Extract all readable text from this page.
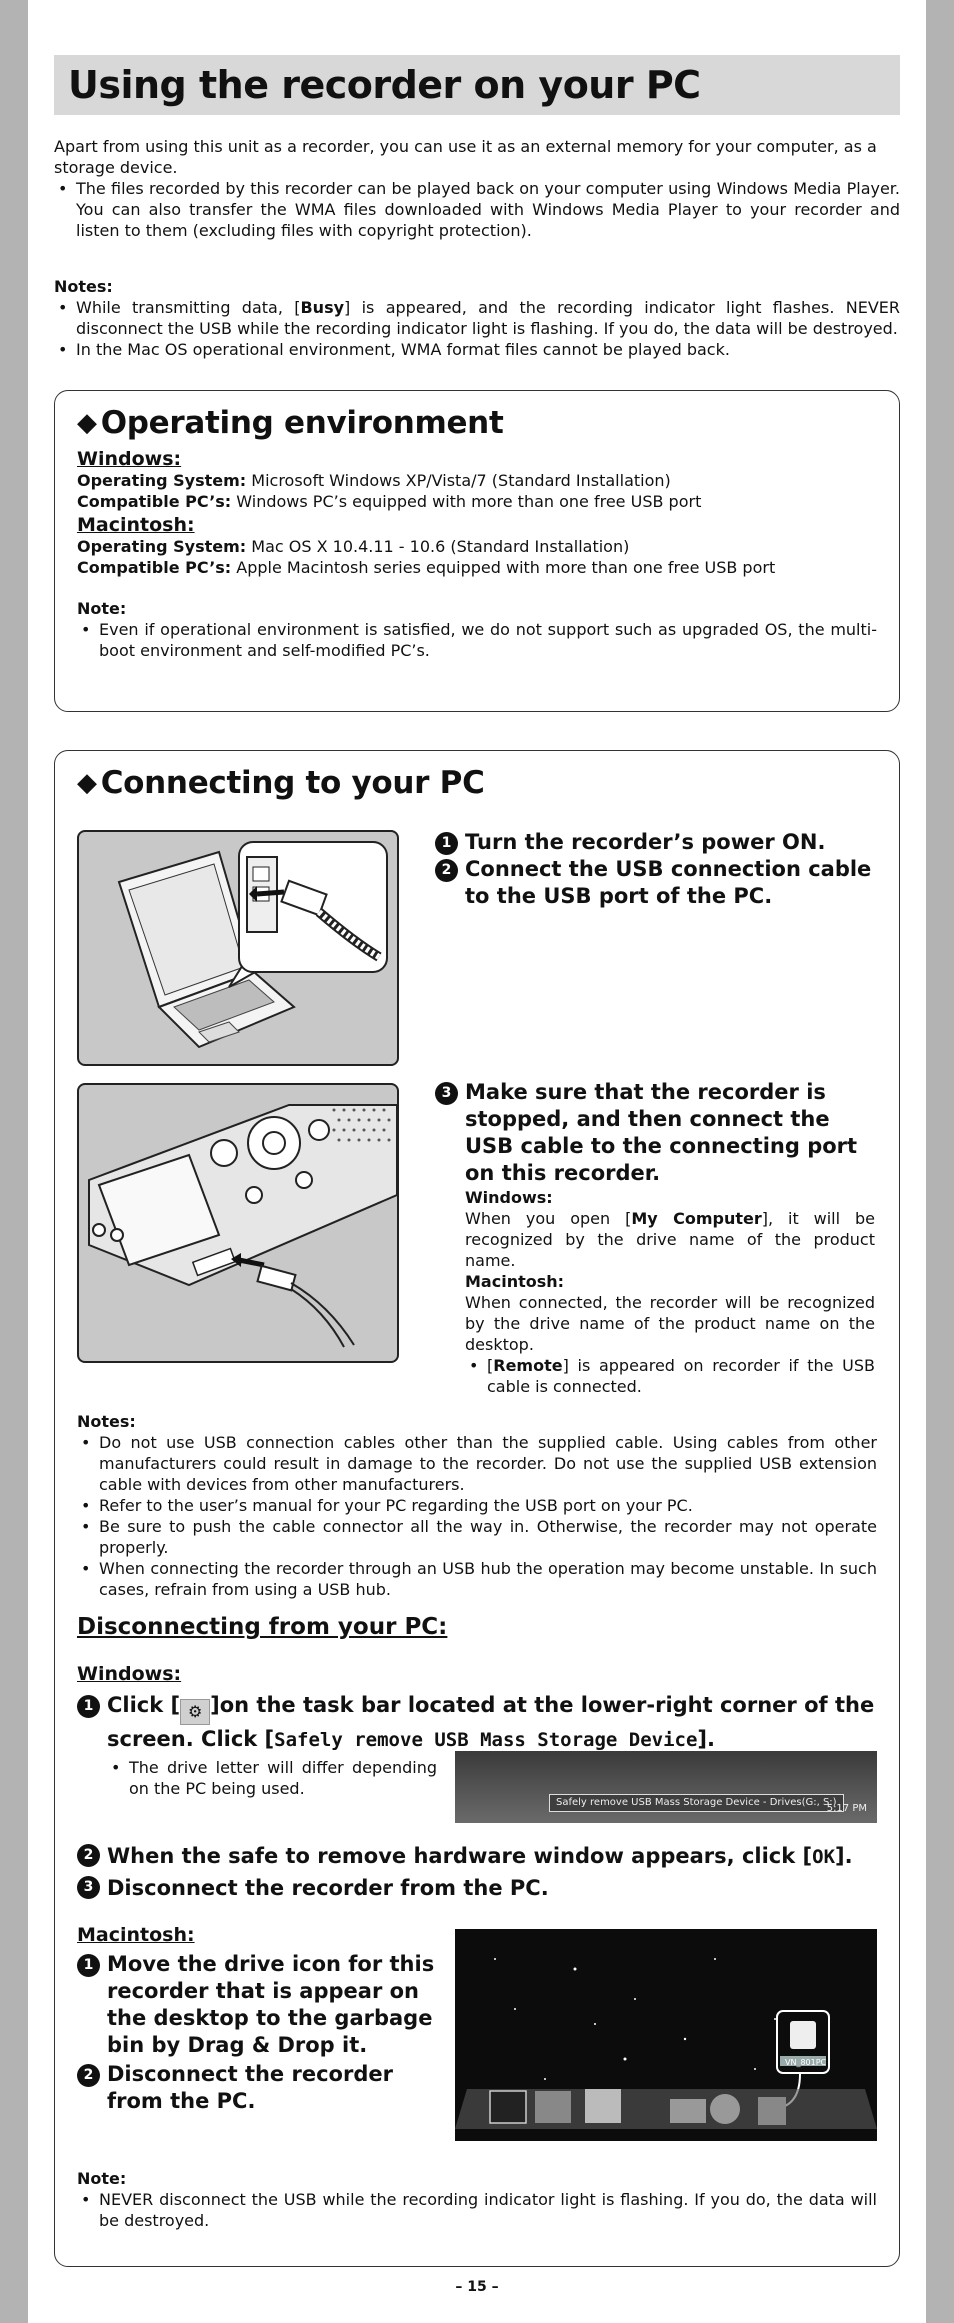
Using the recorder on your PC

Apart from using this unit as a recorder, you can use it as an external memory for your computer, as a storage device.

• The files recorded by this recorder can be played back on your computer using Windows Media Player. You can also transfer the WMA files downloaded with Windows Media Player to your recorder and listen to them (excluding files with copyright protection).
Notes:
• While transmitting data, [Busy] is appeared, and the recording indicator light flashes. NEVER disconnect the USB while the recording indicator light is flashing. If you do, the data will be destroyed.
• In the Mac OS operational environment, WMA format files cannot be played back.
◆ Operating environment
Windows:

Operating System: Microsoft Windows XP/Vista/7 (Standard Installation)

Compatible PC’s: Windows PC’s equipped with more than one free USB port

Macintosh:

Operating System: Mac OS X 10.4.11 - 10.6 (Standard Installation)

Compatible PC’s: Apple Macintosh series equipped with more than one free USB port

Note:
• Even if operational environment is satisfied, we do not support such as upgraded OS, the multi-boot environment and self-modified PC’s.
◆ Connecting to your PC
1 Turn the recorder’s power ON.
2 Connect the USB connection cable to the USB port of the PC.
3 Make sure that the recorder is stopped, and then connect the USB cable to the connecting port on this recorder.
Windows:
When you open [My Computer], it will be recognized by the drive name of the product name.
Macintosh:
When connected, the recorder will be recognized by the drive name of the product name on the desktop.
• [Remote] is appeared on recorder if the USB cable is connected.
Notes:
• Do not use USB connection cables other than the supplied cable. Using cables from other manufacturers could result in damage to the recorder. Do not use the supplied USB extension cable with devices from other manufacturers.
• Refer to the user’s manual for your PC regarding the USB port on your PC.
• Be sure to push the cable connector all the way in. Otherwise, the recorder may not operate properly.
• When connecting the recorder through an USB hub the operation may become unstable. In such cases, refrain from using a USB hub.
Disconnecting from your PC:
Windows:
1 Click [ ⚙ ]on the task bar located at the lower-right corner of the screen. Click [Safely remove USB Mass Storage Device].
• The drive letter will differ depending on the PC being used.
Safely remove USB Mass Storage Device - Drives(G:, S:)
5:17 PM
2 When the safe to remove hardware window appears, click [OK].
3 Disconnect the recorder from the PC.
Macintosh:
1 Move the drive icon for this recorder that is appear on the desktop to the garbage bin by Drag & Drop it.
2 Disconnect the recorder from the PC.
VN_801PC
Note:
• NEVER disconnect the USB while the recording indicator light is flashing. If you do, the data will be destroyed.
– 15 –
